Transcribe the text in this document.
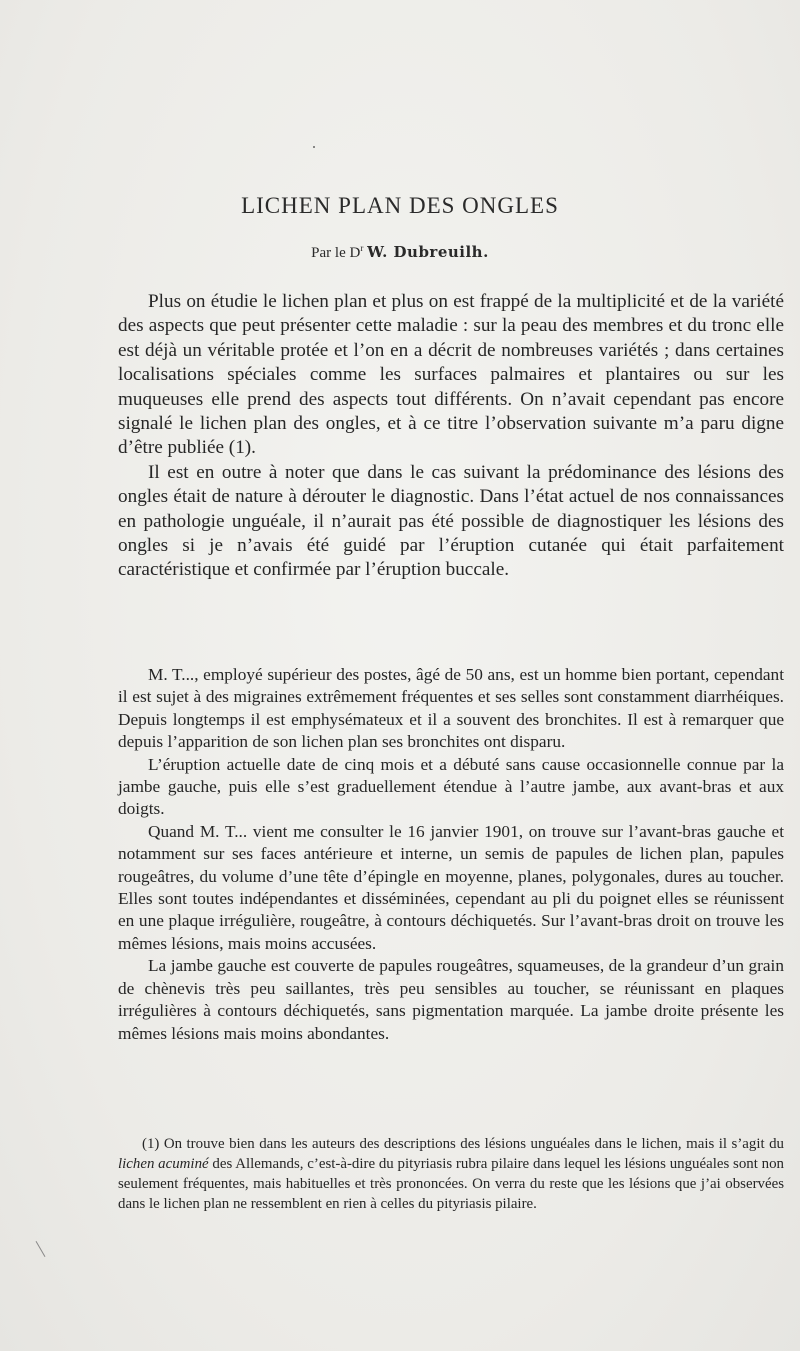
LICHEN PLAN DES ONGLES
Par le $D^r$ W. Dubreuilh.

Plus on étudie le lichen plan et plus on est frappé de la multiplicité et de la variété des aspects que peut présenter cette maladie : sur la peau des membres et du tronc elle est déjà un véritable protée et l’on en a décrit de nombreuses variétés ; dans certaines localisations spéciales comme les surfaces palmaires et plantaires ou sur les muqueuses elle prend des aspects tout différents. On n’avait cependant pas encore signalé le lichen plan des ongles, et à ce titre l’observation suivante m’a paru digne d’être publiée (1).

Il est en outre à noter que dans le cas suivant la prédominance des lésions des ongles était de nature à dérouter le diagnostic. Dans l’état actuel de nos connaissances en pathologie unguéale, il n’aurait pas été possible de diagnostiquer les lésions des ongles si je n’avais été guidé par l’éruption cutanée qui était parfaitement caractéristique et confirmée par l’éruption buccale.

M. T..., employé supérieur des postes, âgé de 50 ans, est un homme bien portant, cependant il est sujet à des migraines extrêmement fréquentes et ses selles sont constamment diarrhéiques. Depuis longtemps il est emphysémateux et il a souvent des bronchites. Il est à remarquer que depuis l’apparition de son lichen plan ses bronchites ont disparu.

L’éruption actuelle date de cinq mois et a débuté sans cause occasionnelle connue par la jambe gauche, puis elle s’est graduellement étendue à l’autre jambe, aux avant-bras et aux doigts.

Quand M. T... vient me consulter le 16 janvier 1901, on trouve sur l’avant-bras gauche et notamment sur ses faces antérieure et interne, un semis de papules de lichen plan, papules rougeâtres, du volume d’une tête d’épingle en moyenne, planes, polygonales, dures au toucher. Elles sont toutes indépendantes et disséminées, cependant au pli du poignet elles se réunissent en une plaque irrégulière, rougeâtre, à contours déchiquetés. Sur l’avant-bras droit on trouve les mêmes lésions, mais moins accusées.

La jambe gauche est couverte de papules rougeâtres, squameuses, de la grandeur d’un grain de chènevis très peu saillantes, très peu sensibles au toucher, se réunissant en plaques irrégulières à contours déchiquetés, sans pigmentation marquée. La jambe droite présente les mêmes lésions mais moins abondantes.

(1) On trouve bien dans les auteurs des descriptions des lésions unguéales dans le lichen, mais il s’agit du lichen acuminé des Allemands, c’est-à-dire du pityriasis rubra pilaire dans lequel les lésions unguéales sont non seulement fréquentes, mais habituelles et très prononcées. On verra du reste que les lésions que j’ai observées dans le lichen plan ne ressemblent en rien à celles du pityriasis pilaire.
